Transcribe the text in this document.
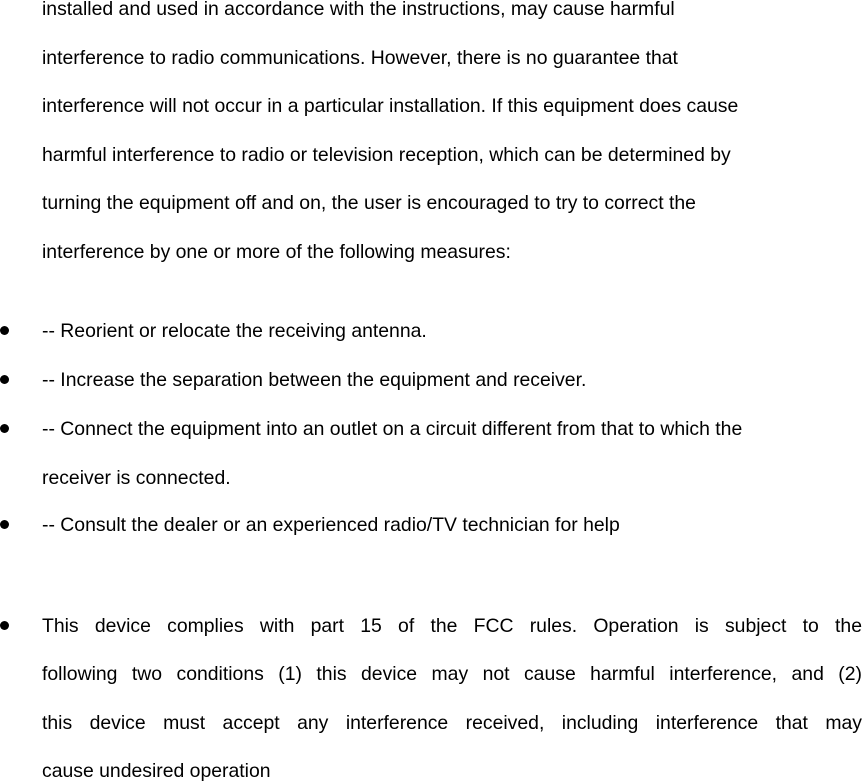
installed and used in accordance with the instructions, may cause harmful
interference to radio communications. However, there is no guarantee that
interference will not occur in a particular installation. If this equipment does cause
harmful interference to radio or television reception, which can be determined by
turning the equipment off and on, the user is encouraged to try to correct the
interference by one or more of the following measures:
-- Reorient or relocate the receiving antenna.
-- Increase the separation between the equipment and receiver.
-- Connect the equipment into an outlet on a circuit different from that to which the
receiver is connected.
-- Consult the dealer or an experienced radio/TV technician for help
This device complies with part 15 of the FCC rules. Operation is subject to the
following two conditions (1) this device may not cause harmful interference, and (2)
this device must accept any interference received, including interference that may
cause undesired operation
